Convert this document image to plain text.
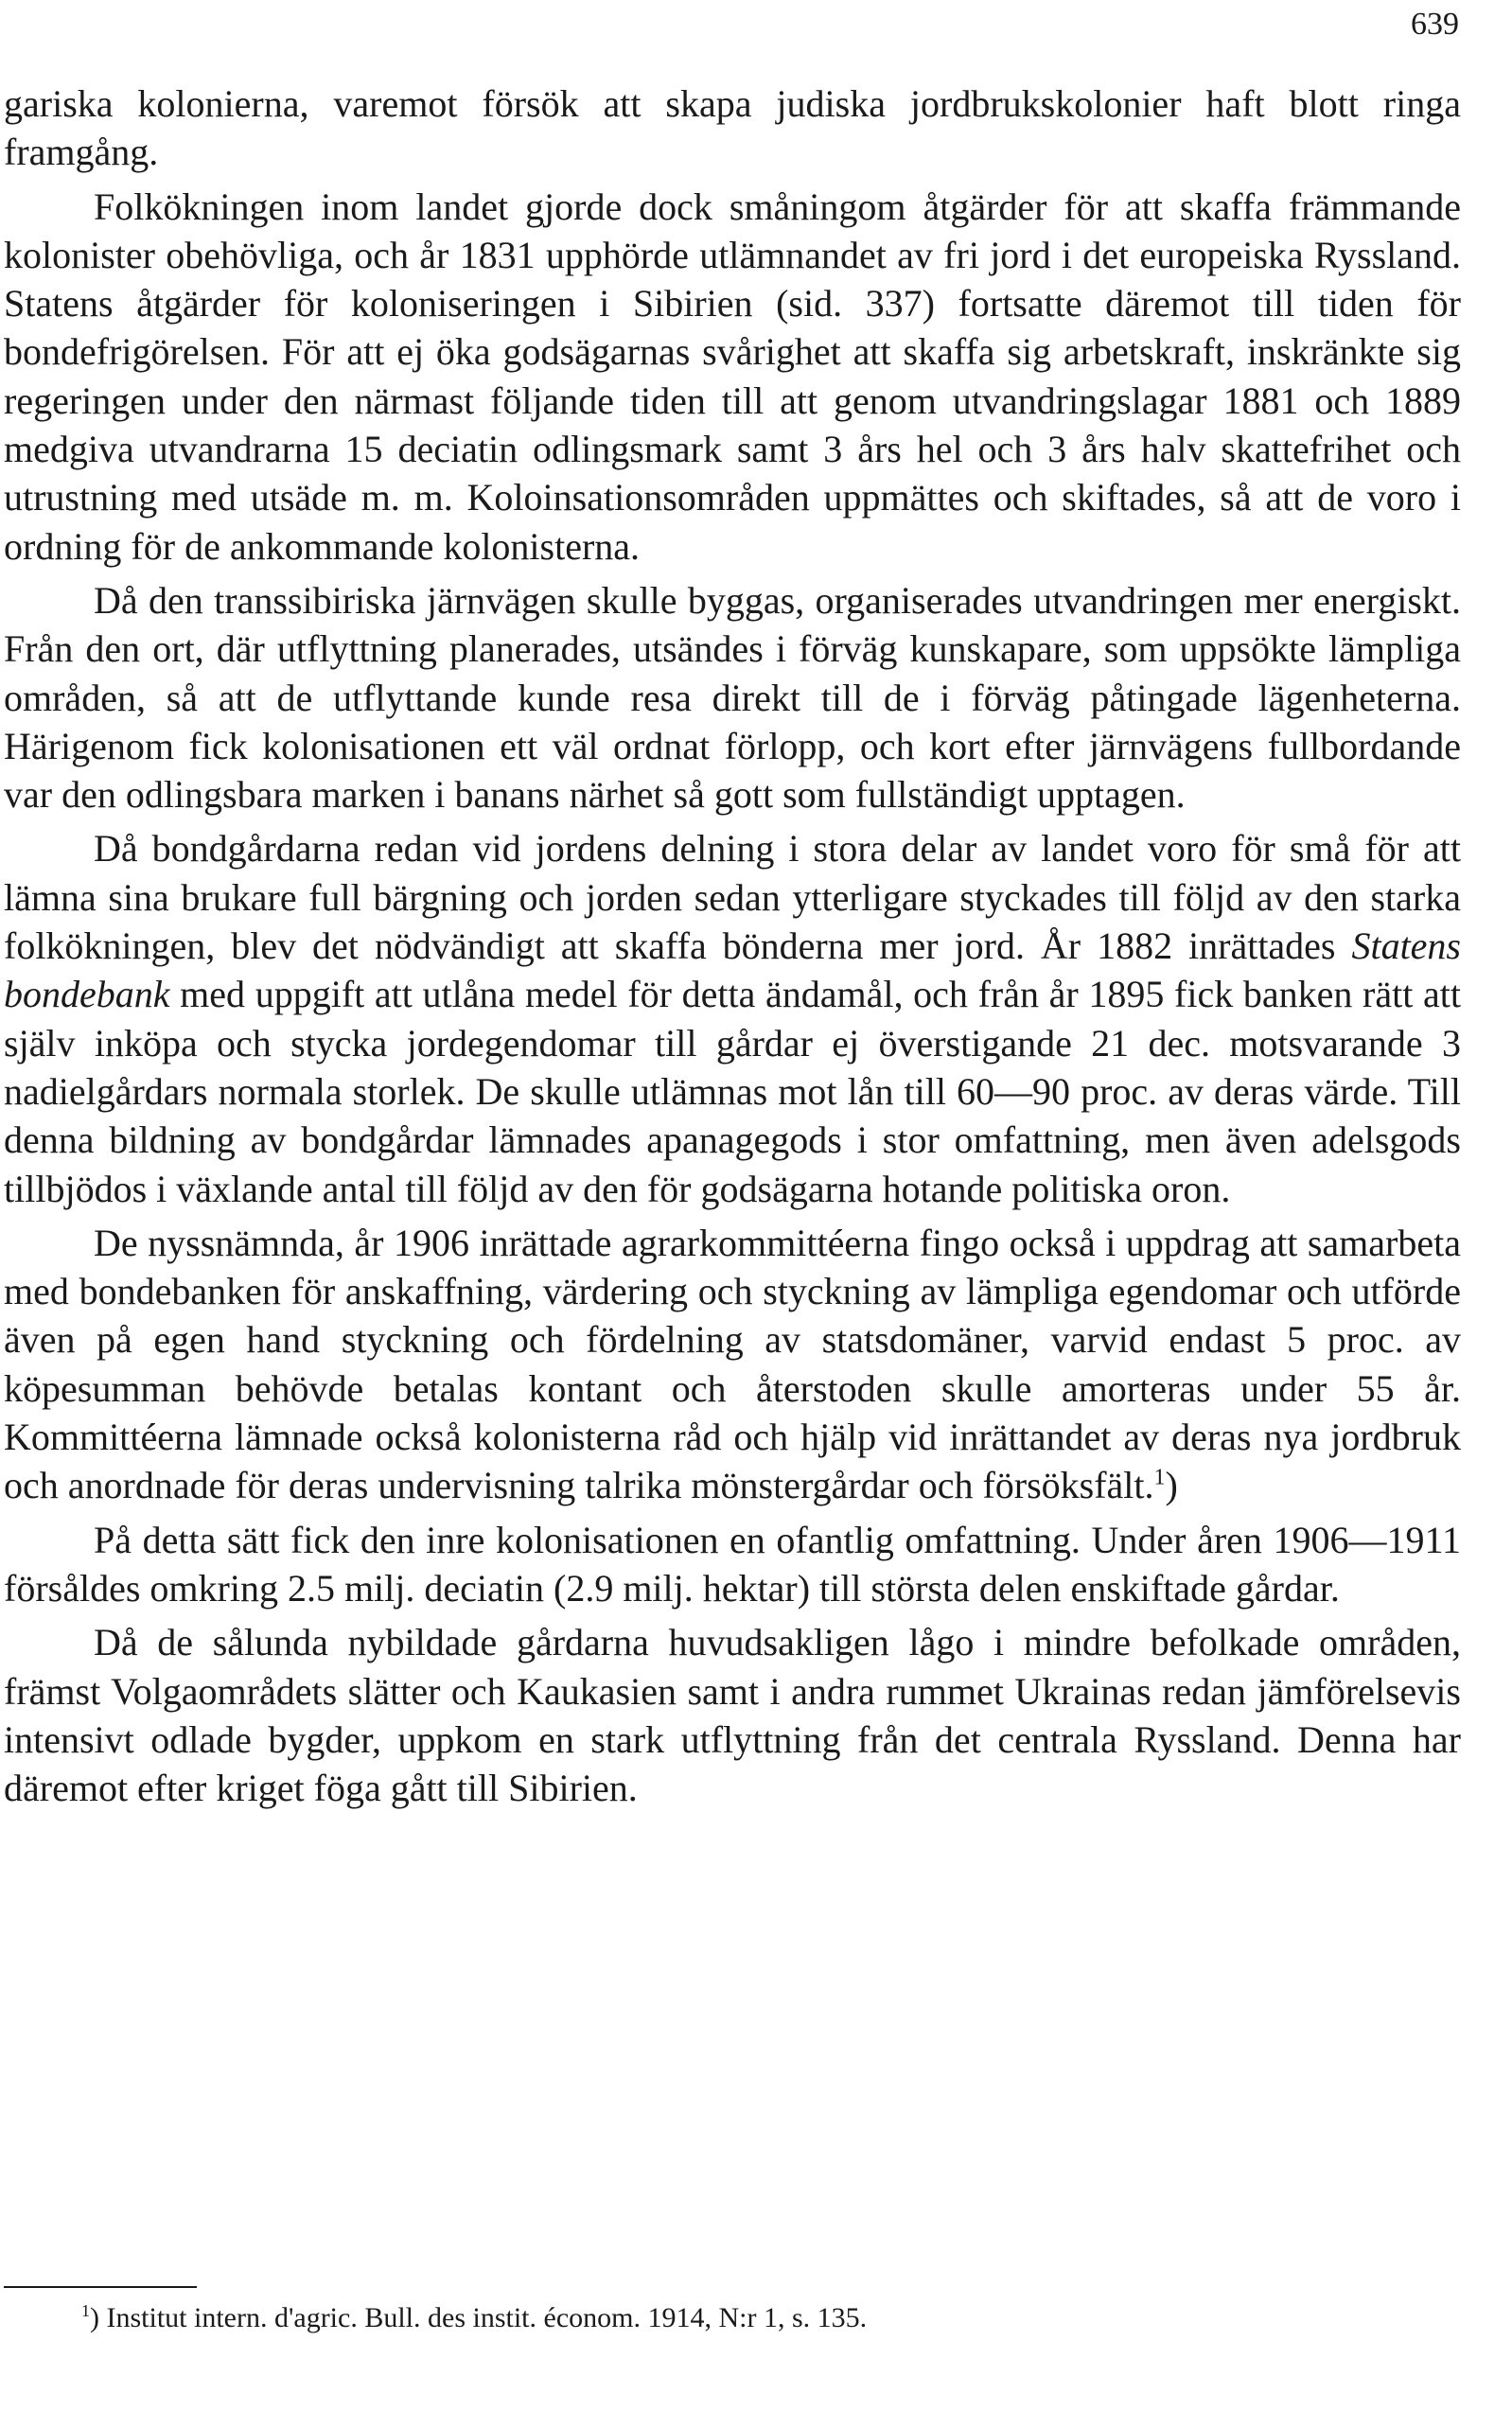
639

gariska kolonierna, varemot försök att skapa judiska jordbrukskolonier haft blott ringa framgång.

Folkökningen inom landet gjorde dock småningom åtgärder för att skaffa främmande kolonister obehövliga, och år 1831 upphörde utlämnandet av fri jord i det europeiska Ryssland. Statens åtgärder för koloniseringen i Sibirien (sid. 337) fortsatte däremot till tiden för bondefrigörelsen. För att ej öka godsägarnas svårighet att skaffa sig arbetskraft, inskränkte sig regeringen under den närmast följande tiden till att genom utvandringslagar 1881 och 1889 medgiva utvandrarna 15 deciatin odlingsmark samt 3 års hel och 3 års halv skattefrihet och utrustning med utsäde m. m. Koloinsationsområden uppmättes och skiftades, så att de voro i ordning för de ankommande kolonisterna.

Då den transsibiriska järnvägen skulle byggas, organiserades utvandringen mer energiskt. Från den ort, där utflyttning planerades, utsändes i förväg kunskapare, som uppsökte lämpliga områden, så att de utflyttande kunde resa direkt till de i förväg påtingade lägenheterna. Härigenom fick kolonisationen ett väl ordnat förlopp, och kort efter järnvägens fullbordande var den odlingsbara marken i banans närhet så gott som fullständigt upptagen.

Då bondgårdarna redan vid jordens delning i stora delar av landet voro för små för att lämna sina brukare full bärgning och jorden sedan ytterligare styckades till följd av den starka folkökningen, blev det nödvändigt att skaffa bönderna mer jord. År 1882 inrättades Statens bondebank med uppgift att utlåna medel för detta ändamål, och från år 1895 fick banken rätt att själv inköpa och stycka jordegendomar till gårdar ej överstigande 21 dec. motsvarande 3 nadielgårdars normala storlek. De skulle utlämnas mot lån till 60—90 proc. av deras värde. Till denna bildning av bondgårdar lämnades apanagegods i stor omfattning, men även adelsgods tillbjödos i växlande antal till följd av den för godsägarna hotande politiska oron.

De nyssnämnda, år 1906 inrättade agrarkommittéerna fingo också i uppdrag att samarbeta med bondebanken för anskaffning, värdering och styckning av lämpliga egendomar och utförde även på egen hand styckning och fördelning av statsdomäner, varvid endast 5 proc. av köpesumman behövde betalas kontant och återstoden skulle amorteras under 55 år. Kommittéerna lämnade också kolonisterna råd och hjälp vid inrättandet av deras nya jordbruk och anordnade för deras undervisning talrika mönstergårdar och försöksfält.$^1$)

På detta sätt fick den inre kolonisationen en ofantlig omfattning. Under åren 1906—1911 försåldes omkring 2.5 milj. deciatin (2.9 milj. hektar) till största delen enskiftade gårdar.

Då de sålunda nybildade gårdarna huvudsakligen lågo i mindre befolkade områden, främst Volgaområdets slätter och Kaukasien samt i andra rummet Ukrainas redan jämförelsevis intensivt odlade bygder, uppkom en stark utflyttning från det centrala Ryssland. Denna har däremot efter kriget föga gått till Sibirien.

$^1$) Institut intern. d'agric. Bull. des instit. économ. 1914, N:r 1, s. 135.
